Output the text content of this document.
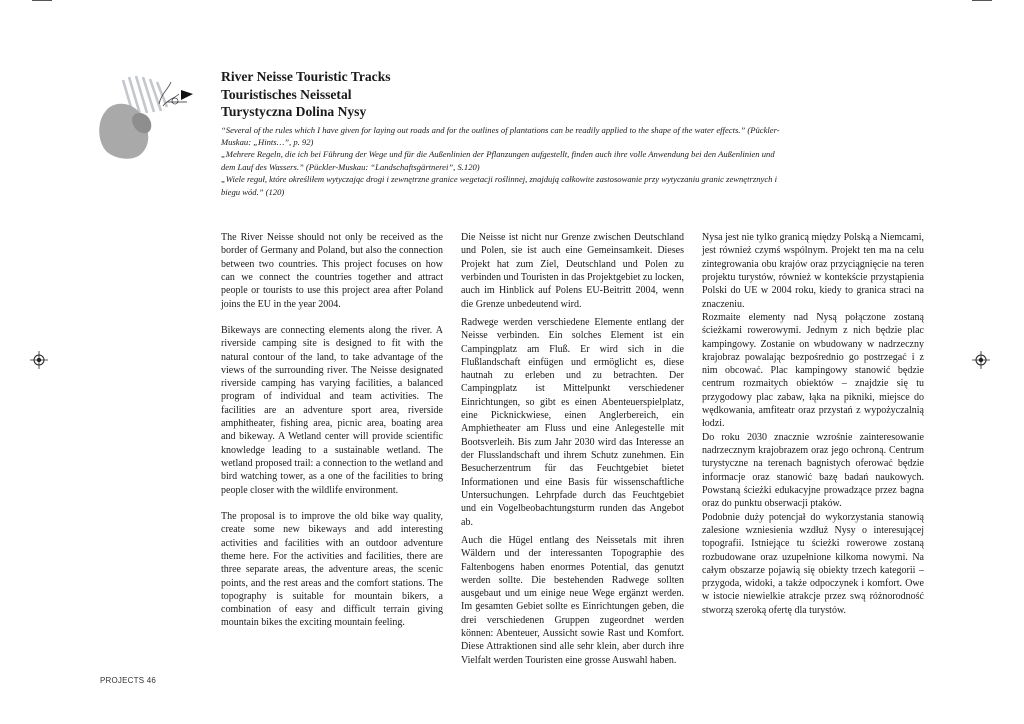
River Neisse Touristic Tracks
Touristisches Neissetal
Turystyczna Dolina Nysy

“Several of the rules which I have given for laying out roads and for the outlines of plantations can be readily applied to the shape of the water effects.” (Pückler-Muskau: „Hints…”, p. 92)

„Mehrere Regeln, die ich bei Führung der Wege und für die Außenlinien der Pflanzungen aufgestellt, finden auch ihre volle Anwendung bei den Außenlinien und dem Lauf des Wassers.” (Pückler-Muskau: “Landschaftsgärtnerei”, S.120)

„Wiele reguł, które określiłem wytyczając drogi i zewnętrzne granice wegetacji roślinnej, znajdują całkowite zastosowanie przy wytyczaniu granic zewnętrznych i biegu wód.” (120)

The River Neisse should not only be received as the border of Germany and Poland, but also the connection between two countries. This project focuses on how can we connect the countries together and attract people or tourists to use this project area after Poland joins the EU in the year 2004.

Bikeways are connecting elements along the river. A riverside camping site is designed to fit with the natural contour of the land, to take advantage of the views of the surrounding river. The Neisse designated riverside camping has varying facilities, a balanced program of individual and team activities. The facilities are an adventure sport area, riverside amphitheater, fishing area, picnic area, boating area and bikeway. A Wetland center will provide scientific knowledge leading to a sustainable wetland. The wetland proposed trail: a connection to the wetland and bird watching tower, as a one of the facilities to bring people closer with the wildlife environment.

The proposal is to improve the old bike way quality, create some new bikeways and add interesting activities and facilities with an outdoor adventure theme here. For the activities and facilities, there are three separate areas, the adventure areas, the scenic points, and the rest areas and the comfort stations. The topography is suitable for mountain bikers, a combination of easy and difficult terrain giving mountain bikes the exciting mountain feeling.

Die Neisse ist nicht nur Grenze zwischen Deutschland und Polen, sie ist auch eine Gemeinsamkeit. Dieses Projekt hat zum Ziel, Deutschland und Polen zu verbinden und Touristen in das Projektgebiet zu locken, auch im Hinblick auf Polens EU-Beitritt 2004, wenn die Grenze unbedeutend wird.

Radwege werden verschiedene Elemente entlang der Neisse verbinden. Ein solches Element ist ein Campingplatz am Fluß. Er wird sich in die Flußlandschaft einfügen und ermöglicht es, diese hautnah zu erleben und zu betrachten. Der Campingplatz ist Mittelpunkt verschiedener Einrichtungen, so gibt es einen Abenteuerspielplatz, eine Picknickwiese, einen Anglerbereich, ein Amphietheater am Fluss und eine Anlegestelle mit Bootsverleih. Bis zum Jahr 2030 wird das Interesse an der Flusslandschaft und ihrem Schutz zunehmen. Ein Besucherzentrum für das Feuchtgebiet bietet Informationen und eine Basis für wissenschaftliche Untersuchungen. Lehrpfade durch das Feuchtgebiet und ein Vogelbeobachtungsturm runden das Angebot ab.

Auch die Hügel entlang des Neissetals mit ihren Wäldern und der interessanten Topographie des Faltenbogens haben enormes Potential, das genutzt werden sollte. Die bestehenden Radwege sollten ausgebaut und um einige neue Wege ergänzt werden. Im gesamten Gebiet sollte es Einrichtungen geben, die drei verschiedenen Gruppen zugeordnet werden können: Abenteuer, Aussicht sowie Rast und Komfort. Diese Attraktionen sind alle sehr klein, aber durch ihre Vielfalt werden Touristen eine grosse Auswahl haben.

Nysa jest nie tylko granicą między Polską a Niemcami, jest również czymś wspólnym. Projekt ten ma na celu zintegrowania obu krajów oraz przyciągnięcie na teren projektu turystów, również w kontekście przystąpienia Polski do UE w 2004 roku, kiedy to granica straci na znaczeniu.

Rozmaite elementy nad Nysą połączone zostaną ścieżkami rowerowymi. Jednym z nich będzie plac kampingowy. Zostanie on wbudowany w nadrzeczny krajobraz powalając bezpośrednio go postrzegać i z nim obcować. Plac kampingowy stanowić będzie centrum rozmaitych obiektów – znajdzie się tu przygodowy plac zabaw, łąka na pikniki, miejsce do wędkowania, amfiteatr oraz przystań z wypożyczalnią łodzi.

Do roku 2030 znacznie wzrośnie zainteresowanie nadrzecznym krajobrazem oraz jego ochroną. Centrum turystyczne na terenach bagnistych oferować będzie informacje oraz stanowić bazę badań naukowych. Powstaną ścieżki edukacyjne prowadzące przez bagna oraz do punktu obserwacji ptaków.

Podobnie duży potencjał do wykorzystania stanowią zalesione wzniesienia wzdłuż Nysy o interesującej topografii. Istniejące tu ścieżki rowerowe zostaną rozbudowane oraz uzupełnione kilkoma nowymi. Na całym obszarze pojawią się obiekty trzech kategorii – przygoda, widoki, a także odpoczynek i komfort. Owe w istocie niewielkie atrakcje przez swą różnorodność stworzą szeroką ofertę dla turystów.

PROJECTS 46
